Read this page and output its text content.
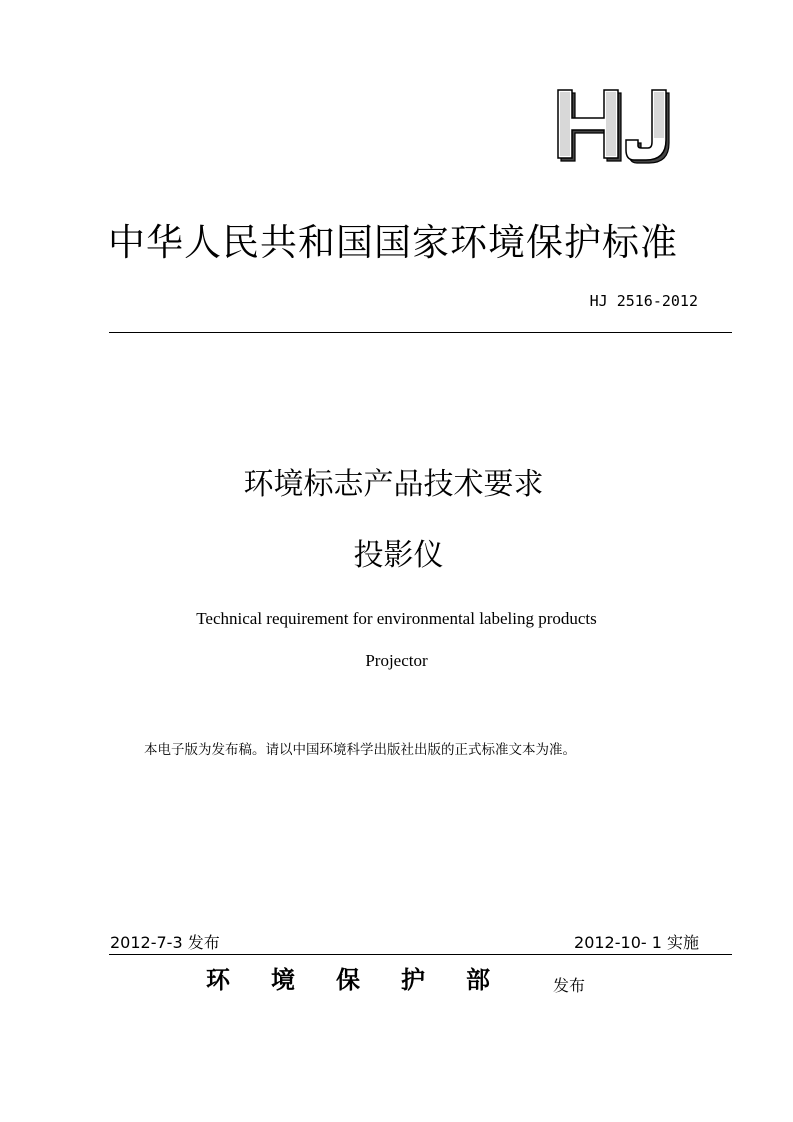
中华人民共和国国家环境保护标准
HJ 2516-2012
环境标志产品技术要求
投影仪
Technical requirement for environmental labeling products
Projector
本电子版为发布稿。请以中国环境科学出版社出版的正式标准文本为准。
2012-7-3 发布	2012-10- 1 实施
环境保护部 发布
